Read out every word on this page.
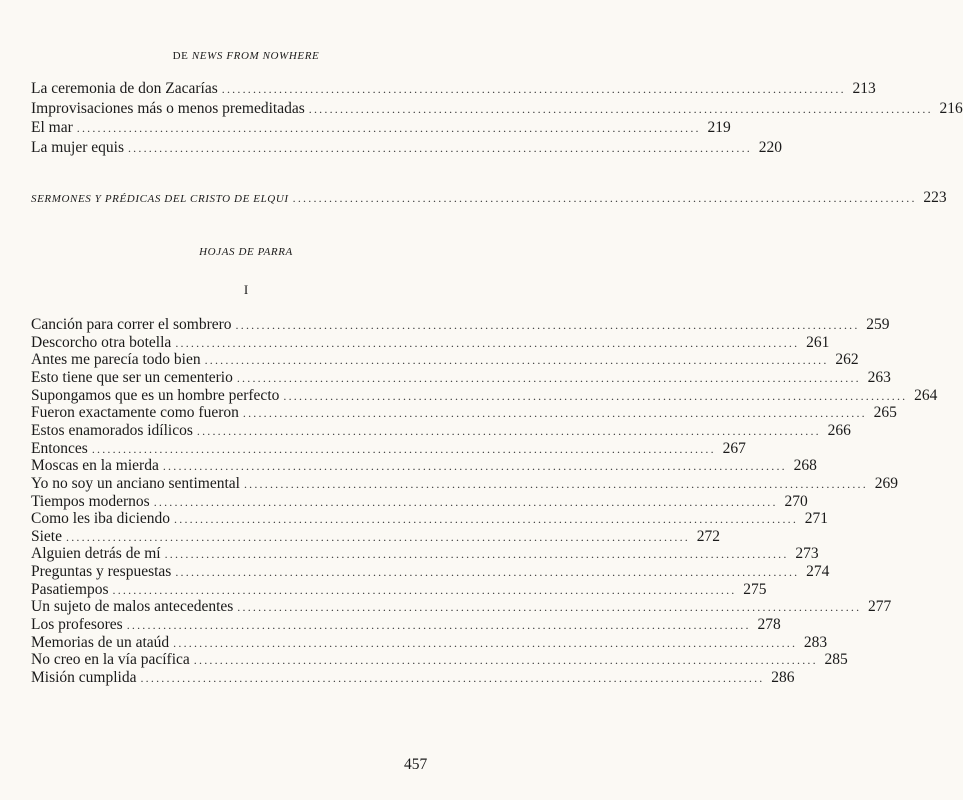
DE NEWS FROM NOWHERE
La ceremonia de don Zacarías ........................................................................................................................ 213
Improvisaciones más o menos premeditadas ........................................................................................................................ 216
El mar ........................................................................................................................ 219
La mujer equis ........................................................................................................................ 220
SERMONES Y PRÉDICAS DEL CRISTO DE ELQUI ........................................................................................................................ 223
HOJAS DE PARRA
I
Canción para correr el sombrero ........................................................................................................................ 259
Descorcho otra botella ........................................................................................................................ 261
Antes me parecía todo bien ........................................................................................................................ 262
Esto tiene que ser un cementerio ........................................................................................................................ 263
Supongamos que es un hombre perfecto ........................................................................................................................ 264
Fueron exactamente como fueron ........................................................................................................................ 265
Estos enamorados idílicos ........................................................................................................................ 266
Entonces ........................................................................................................................ 267
Moscas en la mierda ........................................................................................................................ 268
Yo no soy un anciano sentimental ........................................................................................................................ 269
Tiempos modernos ........................................................................................................................ 270
Como les iba diciendo ........................................................................................................................ 271
Siete ........................................................................................................................ 272
Alguien detrás de mí ........................................................................................................................ 273
Preguntas y respuestas ........................................................................................................................ 274
Pasatiempos ........................................................................................................................ 275
Un sujeto de malos antecedentes ........................................................................................................................ 277
Los profesores ........................................................................................................................ 278
Memorias de un ataúd ........................................................................................................................ 283
No creo en la vía pacífica ........................................................................................................................ 285
Misión cumplida ........................................................................................................................ 286
457
